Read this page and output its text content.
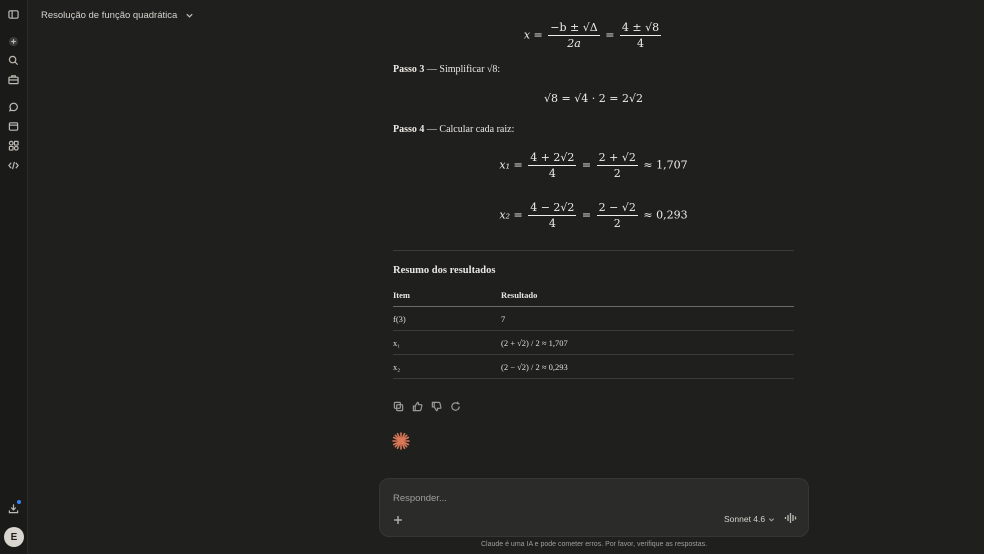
E
Resolução de função quadrática
$x = \frac{-b \pm √\Delta}{2a} = \frac{4 \pm √8}{4}$
Passo 3 — Simplificar √8:
√8 = √4 · 2 = 2√2
Passo 4 — Calcular cada raiz:
$x_1 = \frac{4 + 2√2}{4} = \frac{2 + √2}{2} \approx 1,707$
$x_2 = \frac{4 - 2√2}{4} = \frac{2 - √2}{2} \approx 0,293$
Resumo dos resultados
Item	Resultado
f(3)	7
x₁	(2 + √2) / 2 ≈ 1,707
x₂	(2 − √2) / 2 ≈ 0,293
Responder...
Sonnet 4.6
Claude é uma IA e pode cometer erros. Por favor, verifique as respostas.
